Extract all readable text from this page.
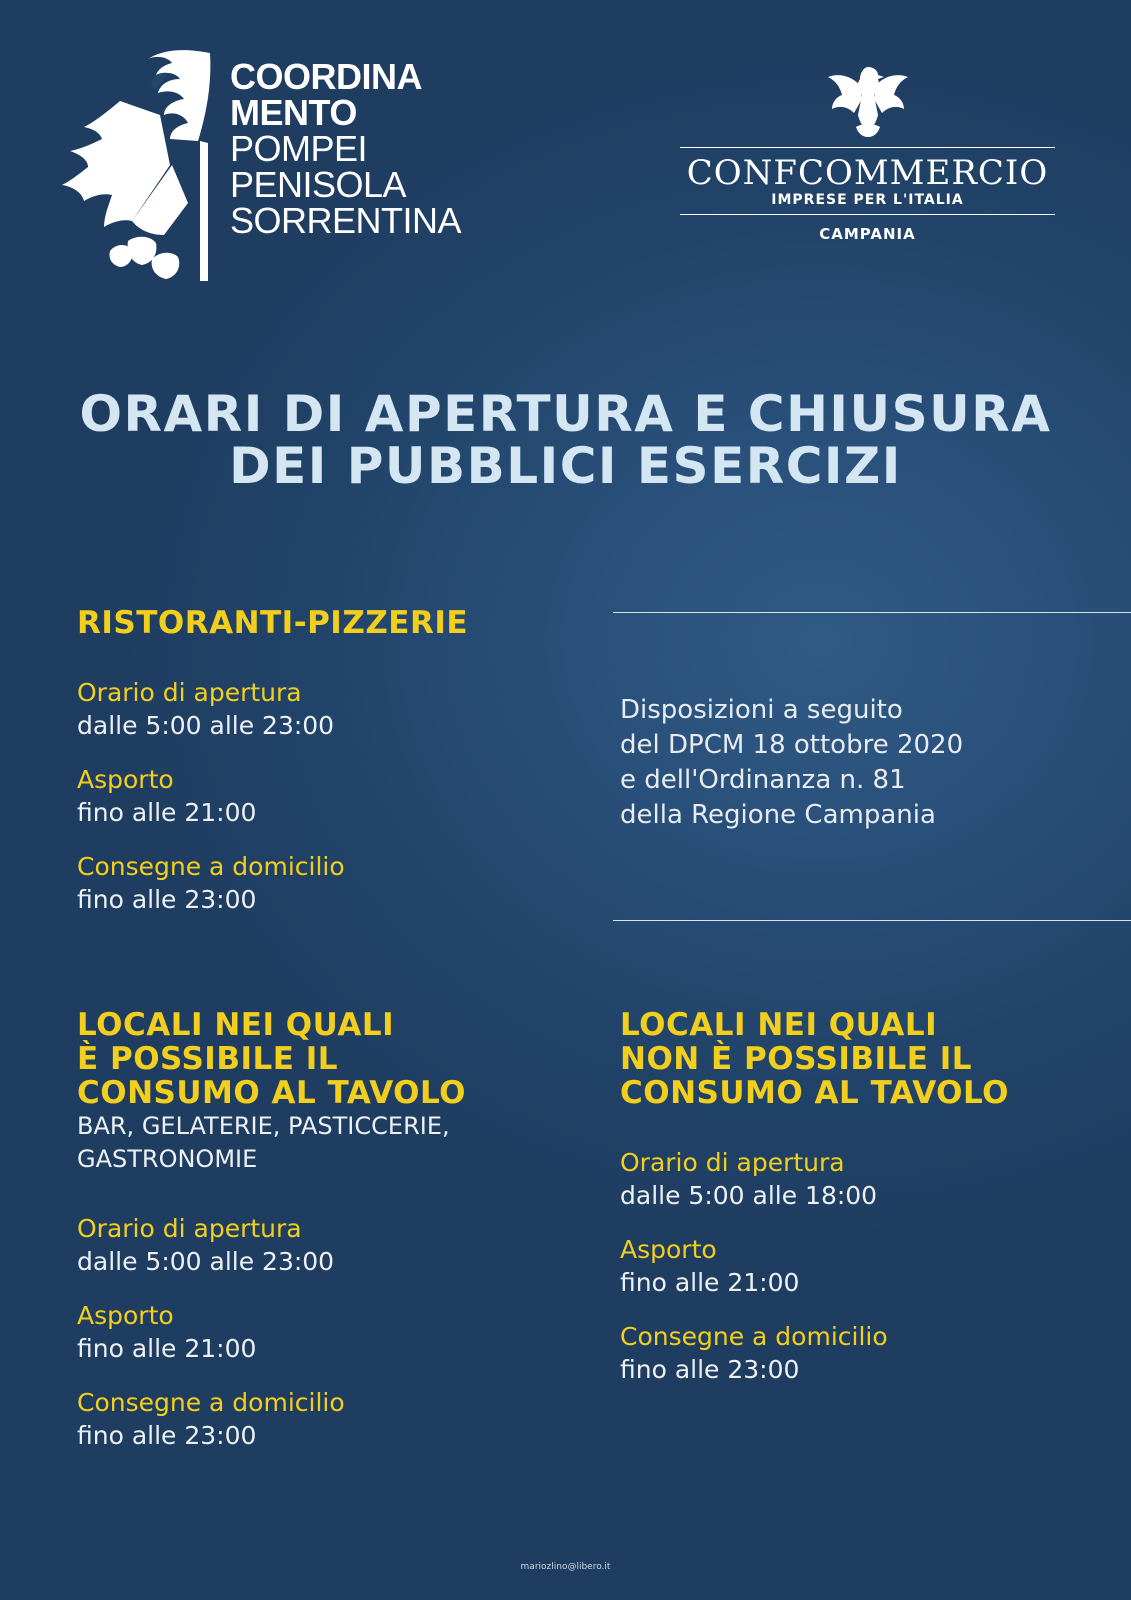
COORDINA
MENTO
POMPEI
PENISOLA
SORRENTINA
CONFCOMMERCIO
IMPRESE PER L'ITALIA
CAMPANIA
ORARI DI APERTURA E CHIUSURA
DEI PUBBLICI ESERCIZI
RISTORANTI-PIZZERIE
Orario di apertura
dalle 5:00 alle 23:00
Asporto
fino alle 21:00
Consegne a domicilio
fino alle 23:00
Disposizioni a seguito
del DPCM 18 ottobre 2020
e dell'Ordinanza n. 81
della Regione Campania
LOCALI NEI QUALI
È POSSIBILE IL
CONSUMO AL TAVOLO
BAR, GELATERIE, PASTICCERIE,
GASTRONOMIE
Orario di apertura
dalle 5:00 alle 23:00
Asporto
fino alle 21:00
Consegne a domicilio
fino alle 23:00
LOCALI NEI QUALI
NON È POSSIBILE IL
CONSUMO AL TAVOLO
Orario di apertura
dalle 5:00 alle 18:00
Asporto
fino alle 21:00
Consegne a domicilio
fino alle 23:00
mariozlino@libero.it
